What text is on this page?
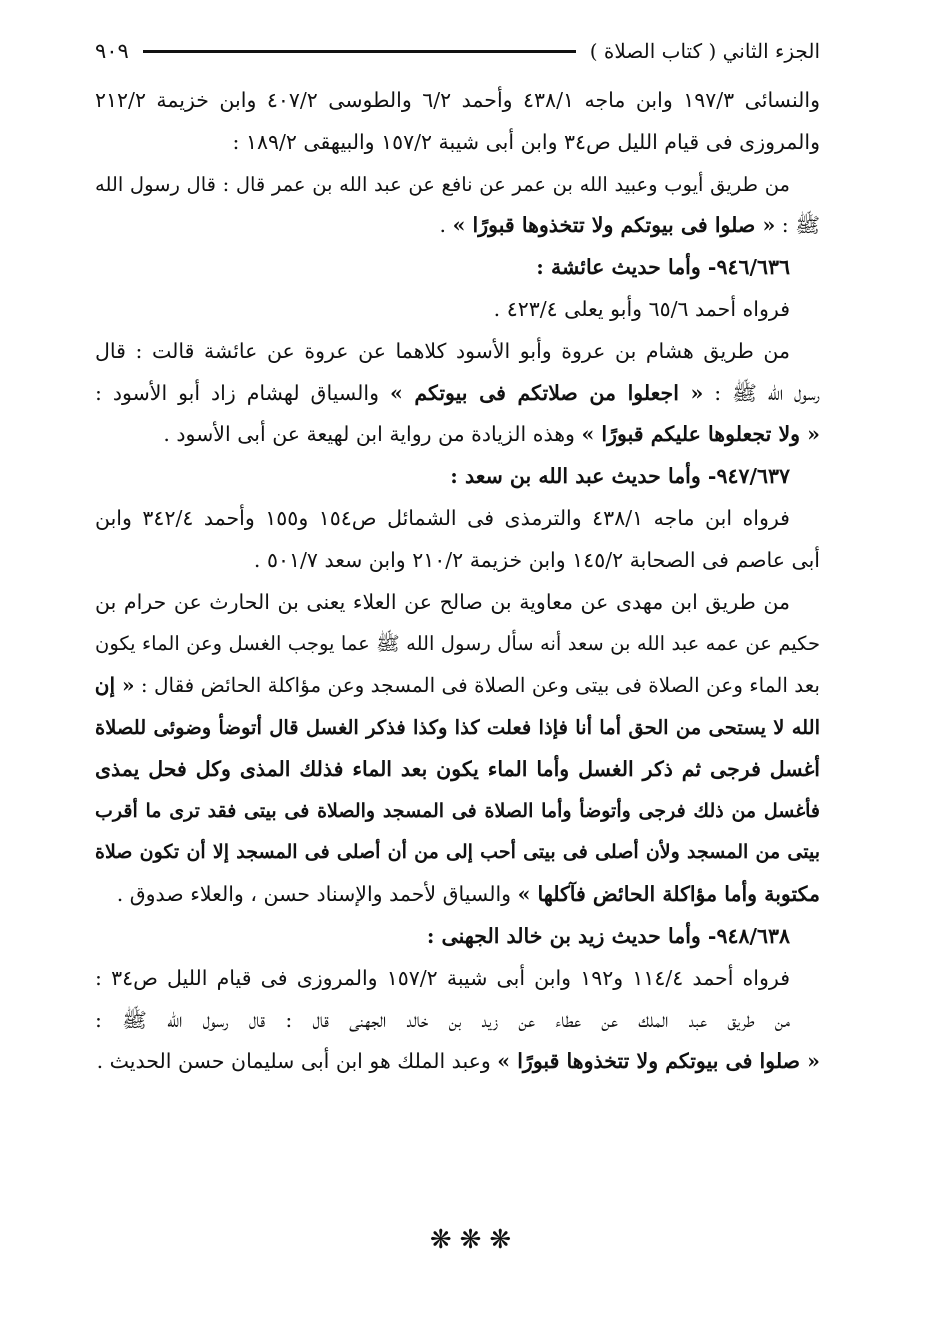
الجزء الثاني ( كتاب الصلاة )
٩٠٩
والنسائى ١٩٧/٣ وابن ماجه ٤٣٨/١ وأحمد ٦/٢ والطوسى ٤٠٧/٢ وابن خزيمة ٢١٢/٢
والمروزى فى قيام الليل ص٣٤ وابن أبى شيبة ١٥٧/٢ والبيهقى ١٨٩/٢ :
من طريق أيوب وعبيد الله بن عمر عن نافع عن عبد الله بن عمر قال : قال رسول الله
ﷺ : « صلوا فى بيوتكم ولا تتخذوها قبورًا » .
٩٤٦/٦٣٦- وأما حديث عائشة :
فرواه أحمد ٦٥/٦ وأبو يعلى ٤٢٣/٤ .
من طريق هشام بن عروة وأبو الأسود كلاهما عن عروة عن عائشة قالت : قال
رسول الله ﷺ : « اجعلوا من صلاتكم فى بيوتكم » والسياق لهشام زاد أبو الأسود :
« ولا تجعلوها عليكم قبورًا » وهذه الزيادة من رواية ابن لهيعة عن أبى الأسود .
٩٤٧/٦٣٧- وأما حديث عبد الله بن سعد :
فرواه ابن ماجه ٤٣٨/١ والترمذى فى الشمائل ص١٥٤ و١٥٥ وأحمد ٣٤٢/٤ وابن
أبى عاصم فى الصحابة ١٤٥/٢ وابن خزيمة ٢١٠/٢ وابن سعد ٥٠١/٧ .
من طريق ابن مهدى عن معاوية بن صالح عن العلاء يعنى بن الحارث عن حرام بن
حكيم عن عمه عبد الله بن سعد أنه سأل رسول الله ﷺ عما يوجب الغسل وعن الماء يكون
بعد الماء وعن الصلاة فى بيتى وعن الصلاة فى المسجد وعن مؤاكلة الحائض فقال : « إن
الله لا يستحى من الحق أما أنا فإذا فعلت كذا وكذا فذكر الغسل قال أتوضأ وضوئى للصلاة
أغسل فرجى ثم ذكر الغسل وأما الماء يكون بعد الماء فذلك المذى وكل فحل يمذى
فأغسل من ذلك فرجى وأتوضأ وأما الصلاة فى المسجد والصلاة فى بيتى فقد ترى ما أقرب
بيتى من المسجد ولأن أصلى فى بيتى أحب إلى من أن أصلى فى المسجد إلا أن تكون صلاة
مكتوبة وأما مؤاكلة الحائض فآكلها » والسياق لأحمد والإسناد حسن ، والعلاء صدوق .
٩٤٨/٦٣٨- وأما حديث زيد بن خالد الجهنى :
فرواه أحمد ١١٤/٤ و١٩٢ وابن أبى شيبة ١٥٧/٢ والمروزى فى قيام الليل ص٣٤ :
من طريق عبد الملك عن عطاء عن زيد بن خالد الجهنى قال : قال رسول الله ﷺ :
« صلوا فى بيوتكم ولا تتخذوها قبورًا » وعبد الملك هو ابن أبى سليمان حسن الحديث .
❋❋❋
